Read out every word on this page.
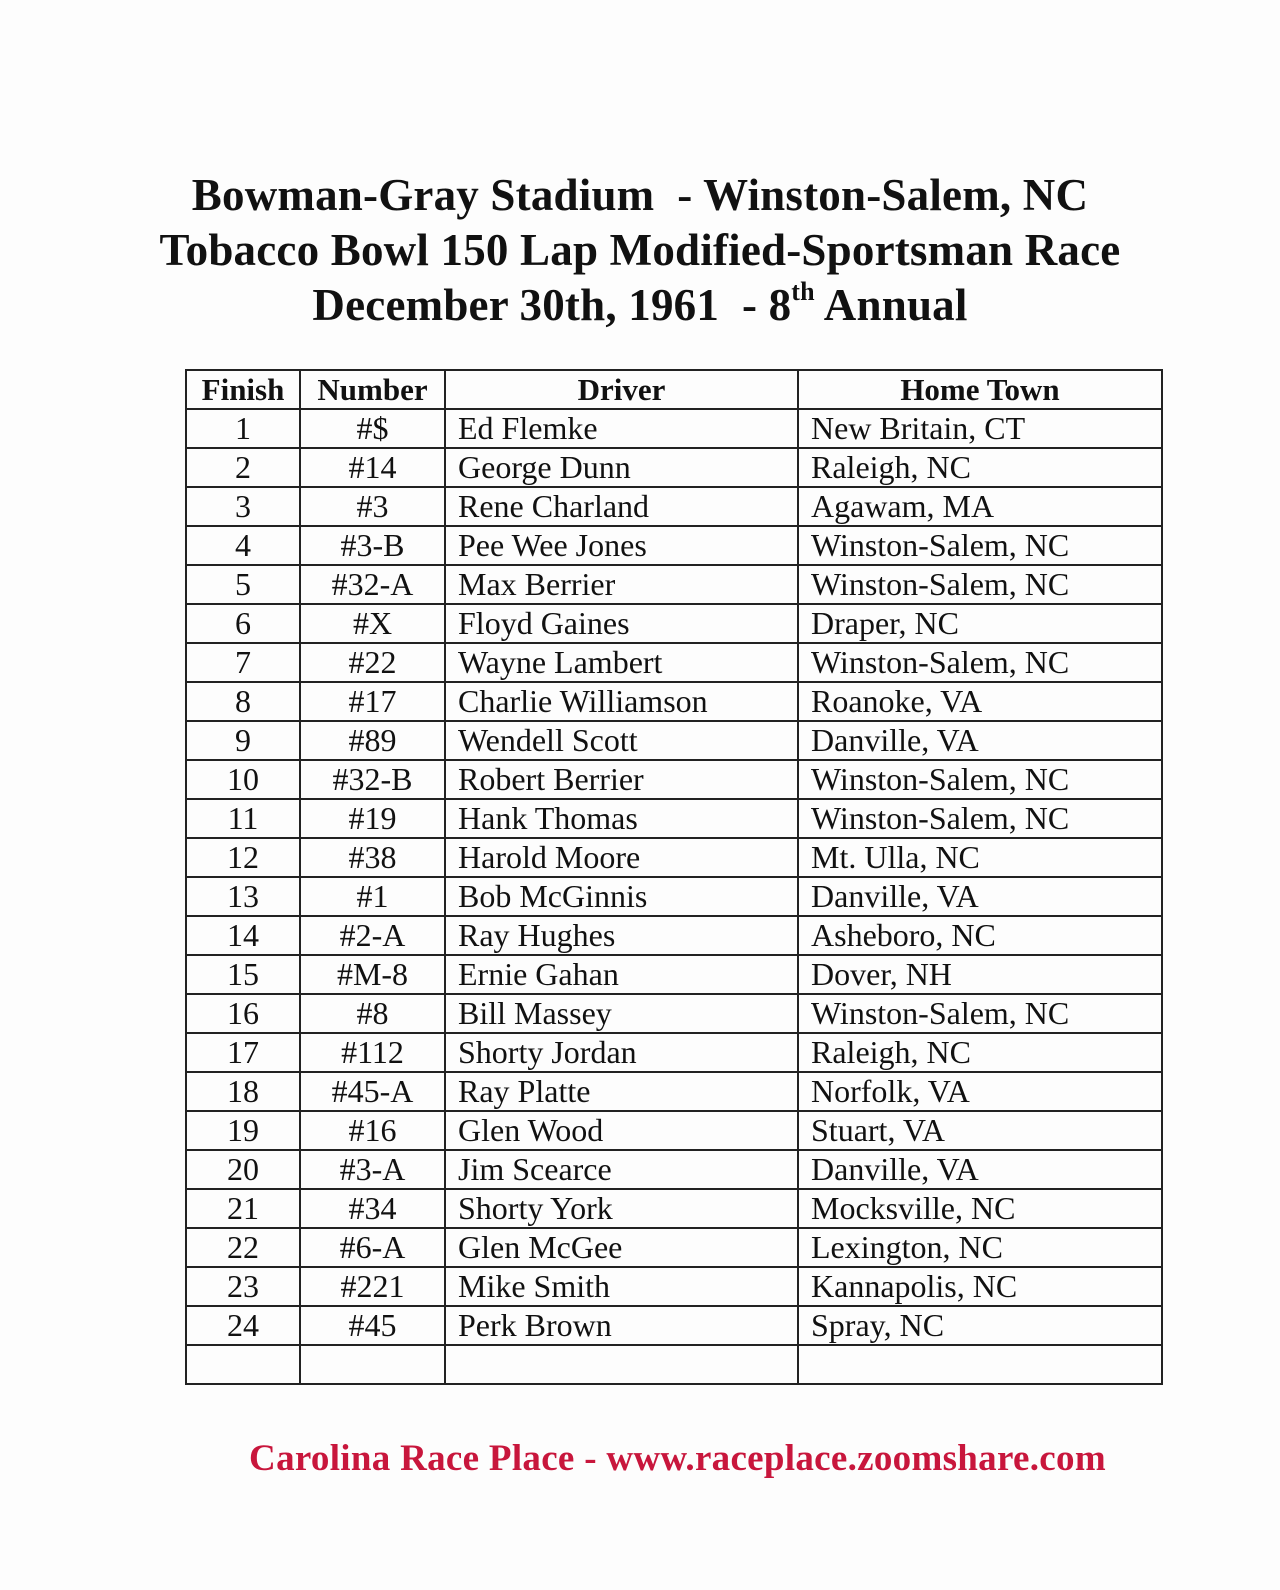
Bowman-Gray Stadium  - Winston-Salem, NC
Tobacco Bowl 150 Lap Modified-Sportsman Race
December 30th, 1961  - 8th Annual
Finish	Number	Driver	Home Town
1	#$	Ed Flemke	New Britain, CT
2	#14	George Dunn	Raleigh, NC
3	#3	Rene Charland	Agawam, MA
4	#3-B	Pee Wee Jones	Winston-Salem, NC
5	#32-A	Max Berrier	Winston-Salem, NC
6	#X	Floyd Gaines	Draper, NC
7	#22	Wayne Lambert	Winston-Salem, NC
8	#17	Charlie Williamson	Roanoke, VA
9	#89	Wendell Scott	Danville, VA
10	#32-B	Robert Berrier	Winston-Salem, NC
11	#19	Hank Thomas	Winston-Salem, NC
12	#38	Harold Moore	Mt. Ulla, NC
13	#1	Bob McGinnis	Danville, VA
14	#2-A	Ray Hughes	Asheboro, NC
15	#M-8	Ernie Gahan	Dover, NH
16	#8	Bill Massey	Winston-Salem, NC
17	#112	Shorty Jordan	Raleigh, NC
18	#45-A	Ray Platte	Norfolk, VA
19	#16	Glen Wood	Stuart, VA
20	#3-A	Jim Scearce	Danville, VA
21	#34	Shorty York	Mocksville, NC
22	#6-A	Glen McGee	Lexington, NC
23	#221	Mike Smith	Kannapolis, NC
24	#45	Perk Brown	Spray, NC

Carolina Race Place - www.raceplace.zoomshare.com
